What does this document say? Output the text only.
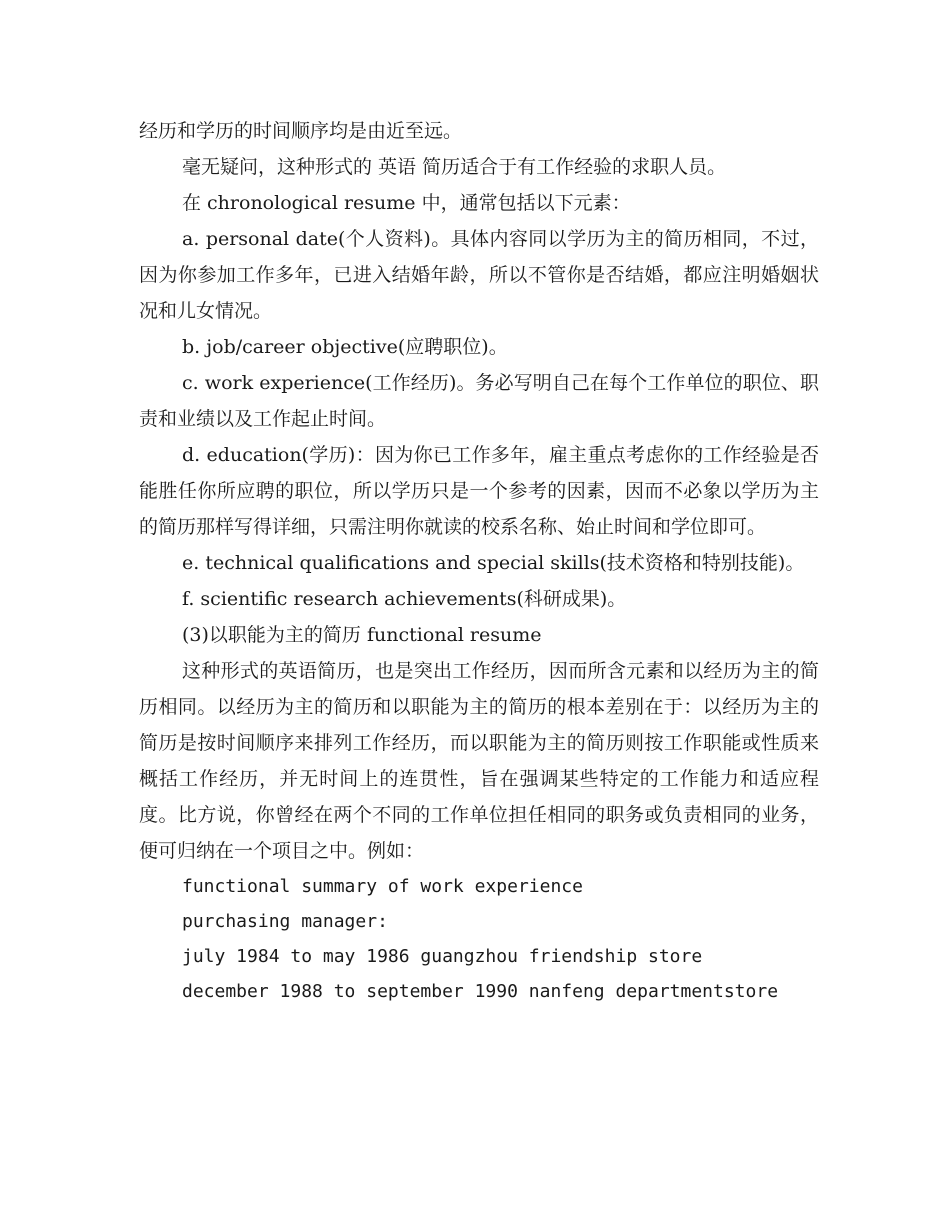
经历和学历的时间顺序均是由近至远。

毫无疑问，这种形式的 英语 简历适合于有工作经验的求职人员。

在 chronological resume 中，通常包括以下元素：

a. personal date(个人资料)。具体内容同以学历为主的简历相同，不过，因为你参加工作多年，已进入结婚年龄，所以不管你是否结婚，都应注明婚姻状况和儿女情况。

b. job/career objective(应聘职位)。

c. work experience(工作经历)。务必写明自己在每个工作单位的职位、职责和业绩以及工作起止时间。

d. education(学历)：因为你已工作多年，雇主重点考虑你的工作经验是否能胜任你所应聘的职位，所以学历只是一个参考的因素，因而不必象以学历为主的简历那样写得详细，只需注明你就读的校系名称、始止时间和学位即可。

e. technical qualifications and special skills(技术资格和特别技能)。

f. scientific research achievements(科研成果)。

(3)以职能为主的简历 functional resume

这种形式的英语简历，也是突出工作经历，因而所含元素和以经历为主的简历相同。以经历为主的简历和以职能为主的简历的根本差别在于：以经历为主的简历是按时间顺序来排列工作经历，而以职能为主的简历则按工作职能或性质来概括工作经历，并无时间上的连贯性，旨在强调某些特定的工作能力和适应程度。比方说，你曾经在两个不同的工作单位担任相同的职务或负责相同的业务，便可归纳在一个项目之中。例如：

functional summary of work experience

purchasing manager:

july 1984 to may 1986 guangzhou friendship store

december 1988 to september 1990 nanfeng departmentstore
